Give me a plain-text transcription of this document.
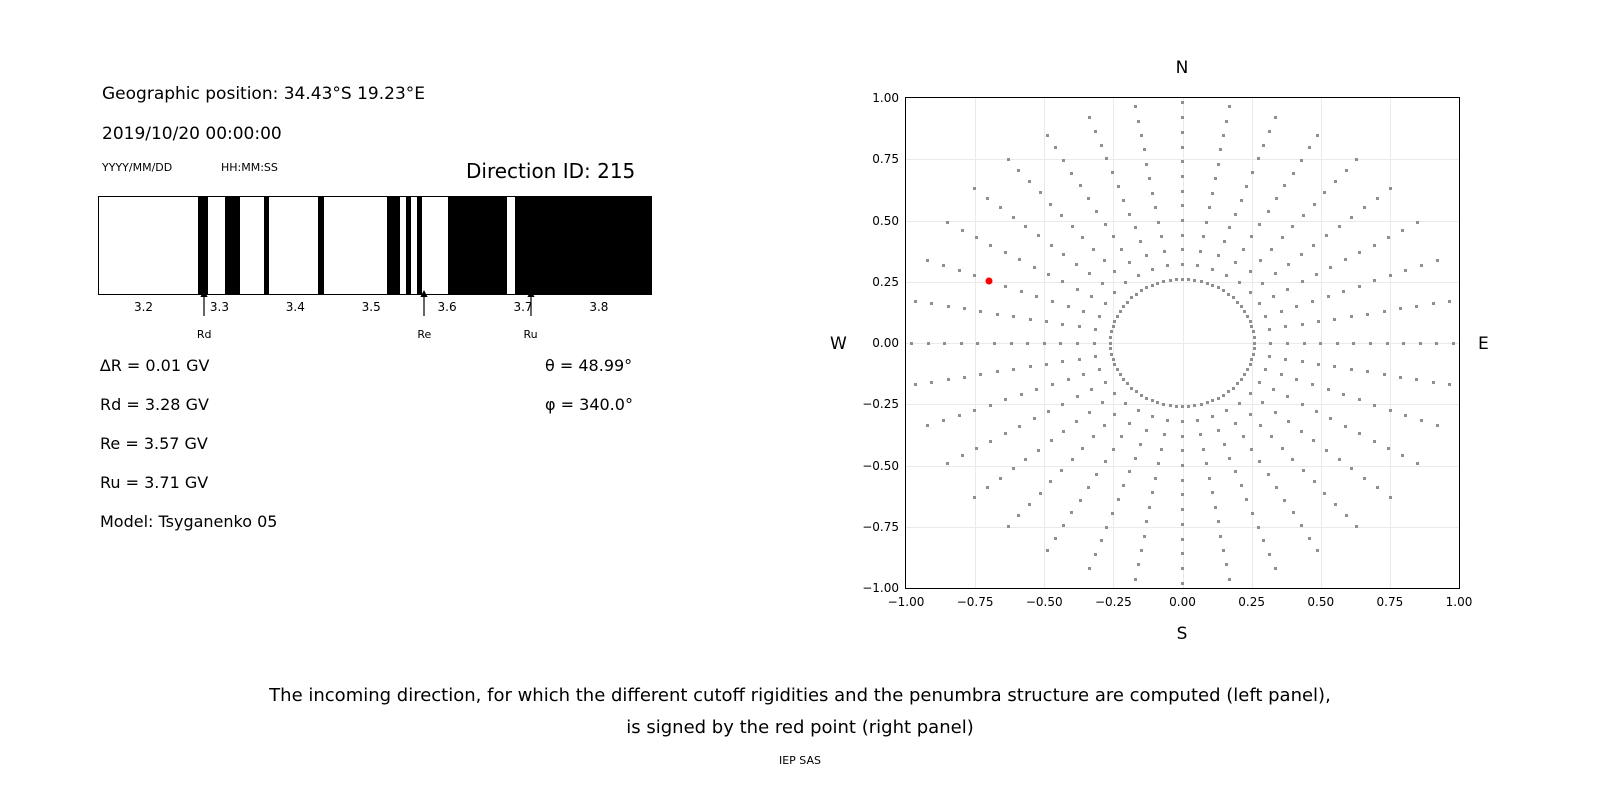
Geographic position: 34.43°S 19.23°E
2019/10/20 00:00:00
YYYY/MM/DD	HH:MM:SS	Direction ID: 215
3.2	3.3	3.4	3.5	3.6	3.7	3.8
∆R = 0.01 GV
Rd = 3.28 GV
Re = 3.57 GV
Ru = 3.71 GV
Model: Tsyganenko 05
θ = 48.99°
φ = 340.0°
Rd	Re	Ru
N
S
W	E
−1.00
−0.75
−0.50
−0.25
0.00
0.25
0.50
0.75
1.00
−1.00	−0.75	−0.50	−0.25	0.00	0.25	0.50	0.75	1.00
The incoming direction, for which the different cutoff rigidities and the penumbra structure are computed (left panel),
is signed by the red point (right panel)
IEP SAS
